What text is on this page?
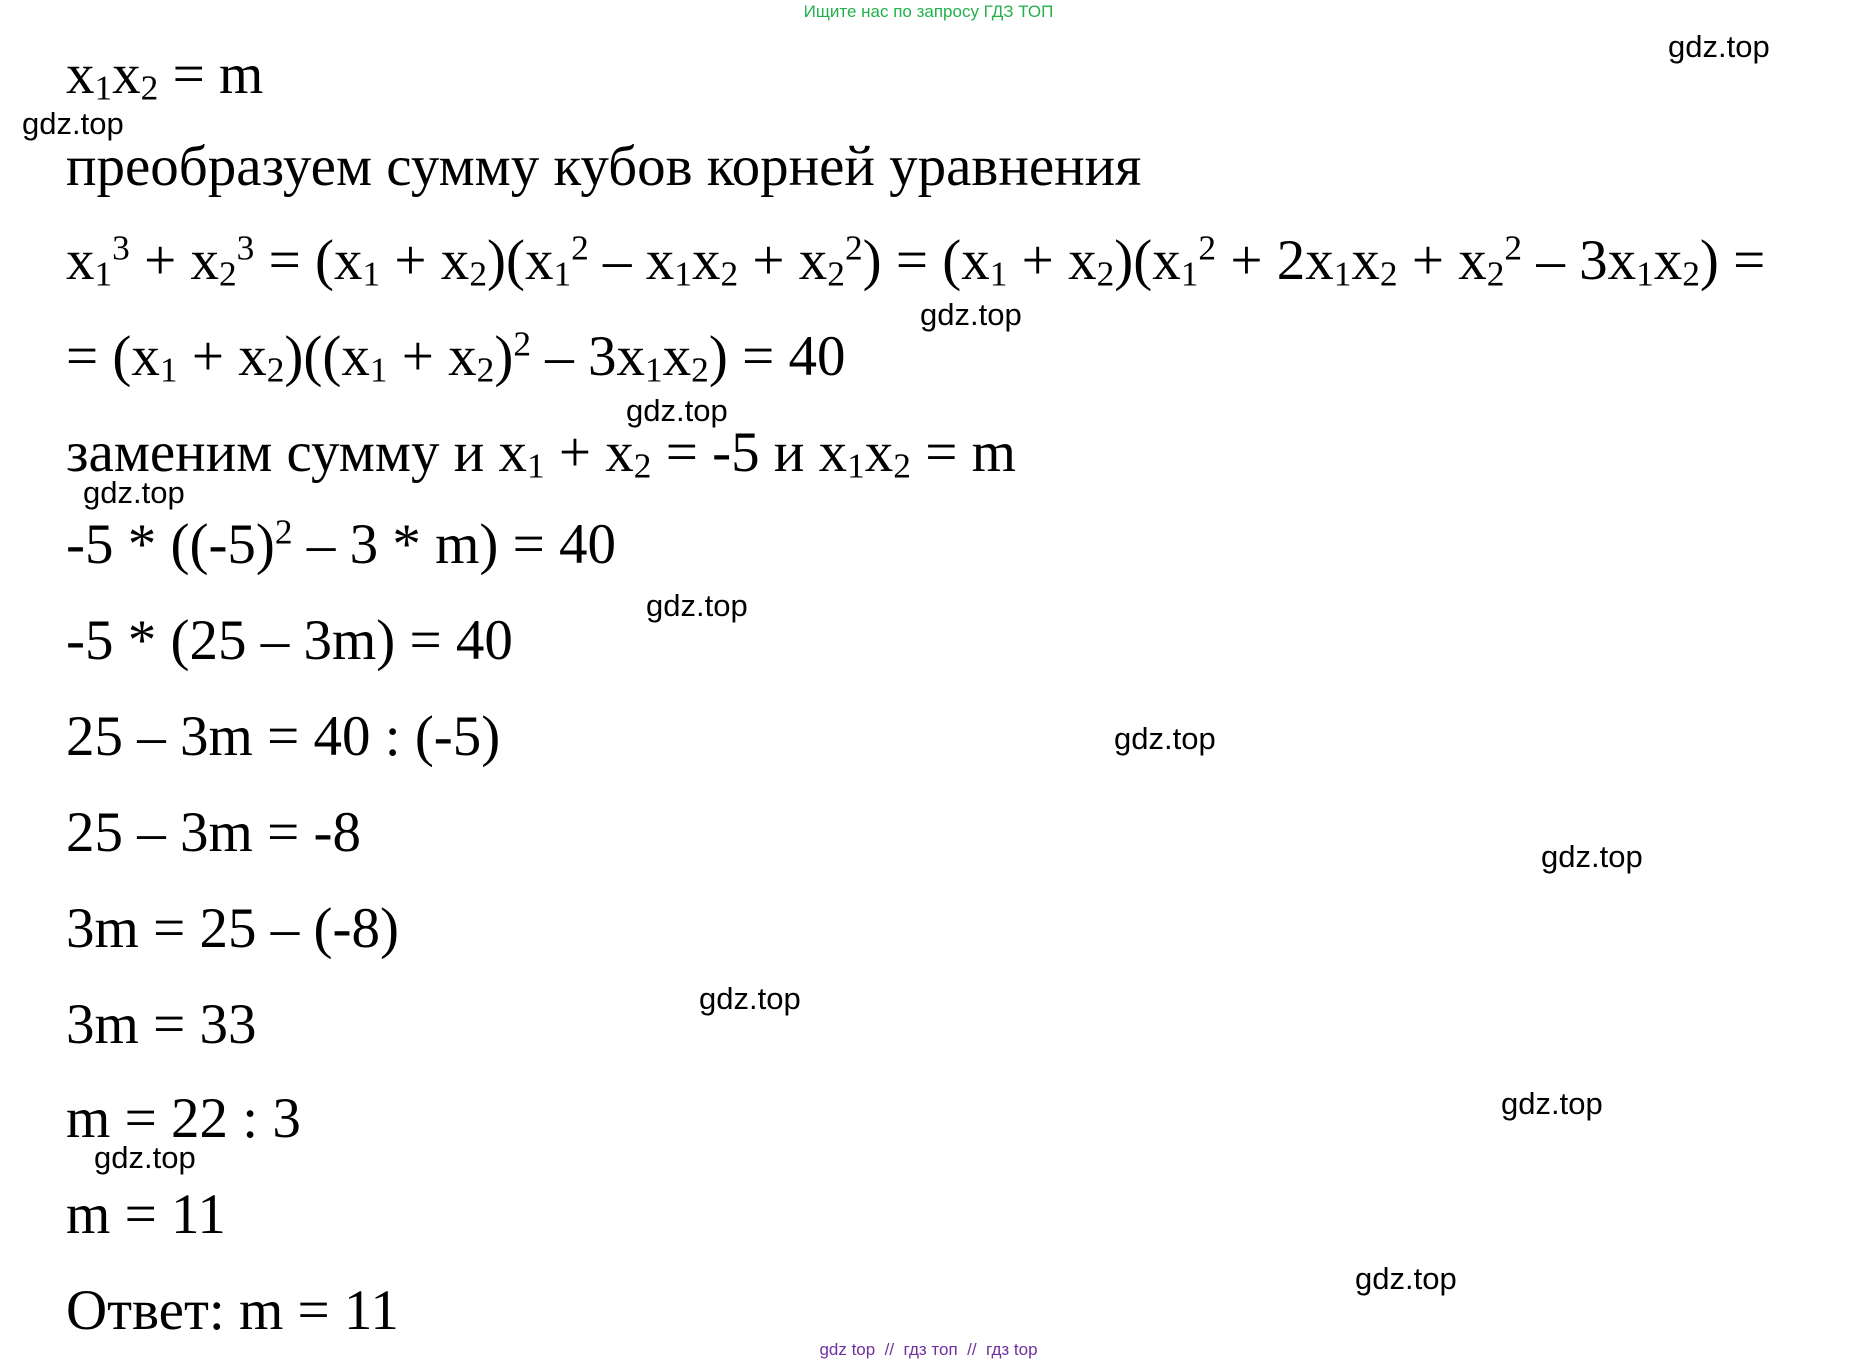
Ищите нас по запросу ГДЗ ТОП
$x_1x_2 = m$
преобразуем сумму кубов корней уравнения
$x_1^3 + x_2^3 = (x_1 + x_2)(x_1^2 - x_1x_2 + x_2^2) = (x_1 + x_2)(x_1^2 + 2x_1x_2 + x_2^2 - 3x_1x_2)$ =
= $(x_1 + x_2)((x_1 + x_2)^2 - 3x_1x_2) = 40$
заменим сумму и $x_1 + x_2 = -5$ и $x_1x_2 = m$
$-5 * ((-5)^2 - 3 * m) = 40$
-5 * (25 – 3m) = 40
25 – 3m = 40 : (-5)
25 – 3m = -8
3m = 25 – (-8)
3m = 33
m = 22 : 3
m = 11
Ответ: m = 11
gdz.top
gdz.top
gdz.top
gdz.top
gdz.top
gdz.top
gdz.top
gdz.top
gdz.top
gdz.top
gdz.top
gdz.top
gdz top  //  гдз топ  //  гдз top
